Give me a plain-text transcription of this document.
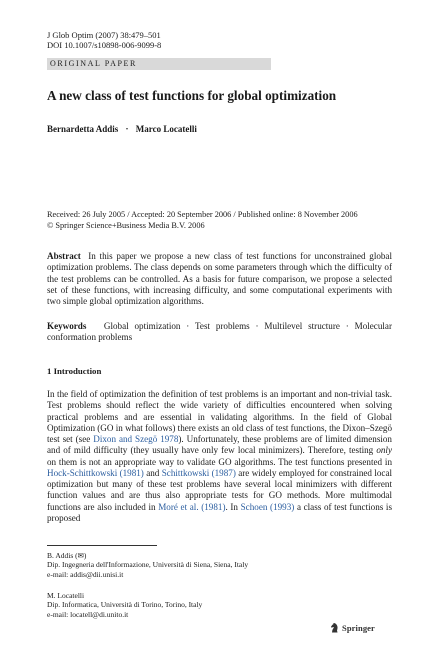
J Glob Optim (2007) 38:479–501
DOI 10.1007/s10898-006-9099-8
ORIGINAL PAPER
A new class of test functions for global optimization
Bernardetta Addis · Marco Locatelli
Received: 26 July 2005 / Accepted: 20 September 2006 / Published online: 8 November 2006
© Springer Science+Business Media B.V. 2006
Abstract In this paper we propose a new class of test functions for unconstrained global optimization problems. The class depends on some parameters through which the difficulty of the test problems can be controlled. As a basis for future comparison, we propose a selected set of these functions, with increasing difficulty, and some computational experiments with two simple global optimization algorithms.
Keywords Global optimization · Test problems · Multilevel structure · Molecular conformation problems
1 Introduction
In the field of optimization the definition of test problems is an important and non-trivial task. Test problems should reflect the wide variety of difficulties encountered when solving practical problems and are essential in validating algorithms. In the field of Global Optimization (GO in what follows) there exists an old class of test functions, the Dixon–Szegö test set (see Dixon and Szegö 1978). Unfortunately, these problems are of limited dimension and of mild difficulty (they usually have only few local minimizers). Therefore, testing only on them is not an appropriate way to validate GO algorithms. The test functions presented in Hock-Schittkowski (1981) and Schittkowski (1987) are widely employed for constrained local optimization but many of these test problems have several local minimizers with different function values and are thus also appropriate tests for GO methods. More multimodal functions are also included in Moré et al. (1981). In Schoen (1993) a class of test functions is proposed
B. Addis (✉)
Dip. Ingegneria dell'Informazione, Università di Siena, Siena, Italy
e-mail: addis@dii.unisi.it
M. Locatelli
Dip. Informatica, Università di Torino, Torino, Italy
e-mail: locatell@di.unito.it
Springer
